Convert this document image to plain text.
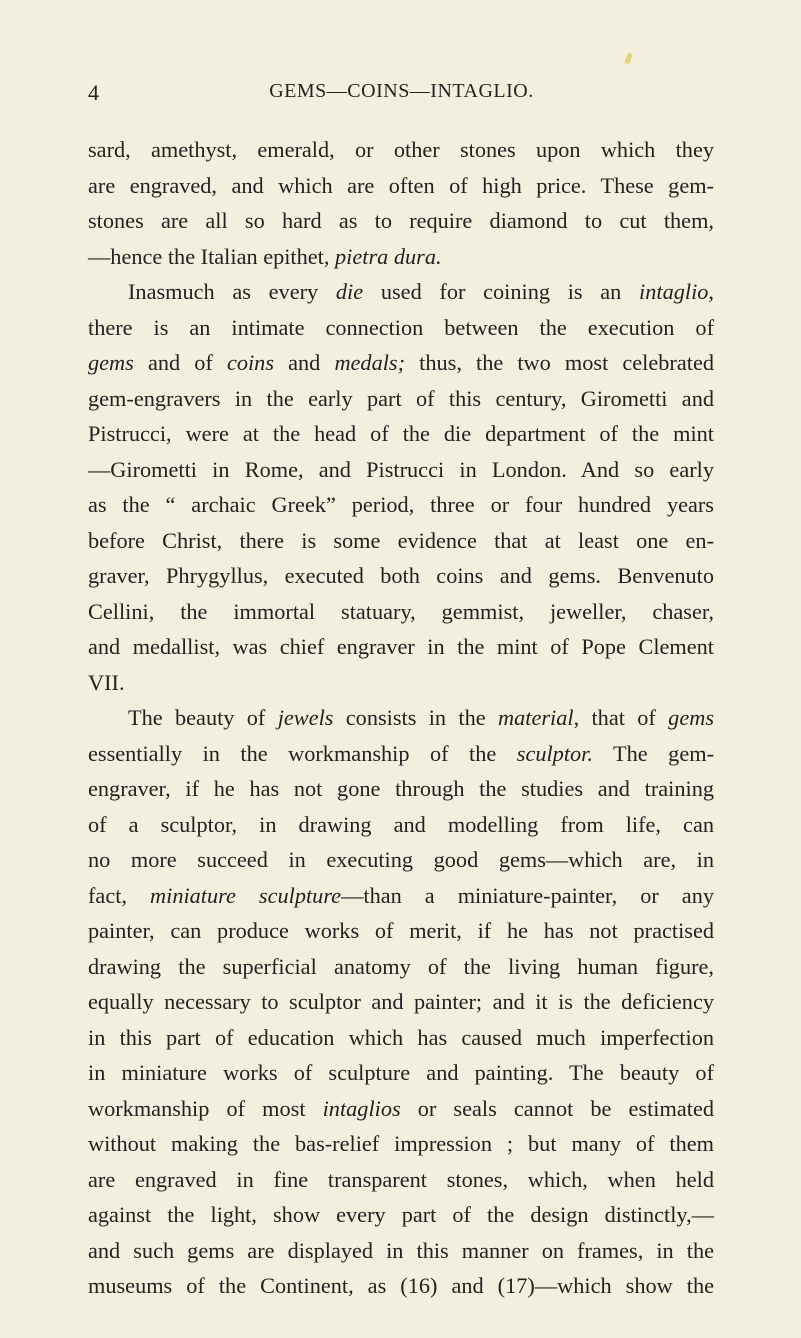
4	GEMS—COINS—INTAGLIO.

sard, amethyst, emerald, or other stones upon which they

are engraved, and which are often of high price. These gem-

stones are all so hard as to require diamond to cut them,

—hence the Italian epithet, pietra dura.

Inasmuch as every die used for coining is an intaglio,

there is an intimate connection between the execution of

gems and of coins and medals; thus, the two most celebrated

gem-engravers in the early part of this century, Girometti and

Pistrucci, were at the head of the die department of the mint

—Girometti in Rome, and Pistrucci in London. And so early

as the “ archaic Greek” period, three or four hundred years

before Christ, there is some evidence that at least one en-

graver, Phrygyllus, executed both coins and gems. Benvenuto

Cellini, the immortal statuary, gemmist, jeweller, chaser,

and medallist, was chief engraver in the mint of Pope Clement

VII.

The beauty of jewels consists in the material, that of gems

essentially in the workmanship of the sculptor. The gem-

engraver, if he has not gone through the studies and training

of a sculptor, in drawing and modelling from life, can

no more succeed in executing good gems—which are, in

fact, miniature sculpture—than a miniature-painter, or any

painter, can produce works of merit, if he has not practised

drawing the superficial anatomy of the living human figure,

equally necessary to sculptor and painter; and it is the deficiency

in this part of education which has caused much imperfection

in miniature works of sculpture and painting. The beauty of

workmanship of most intaglios or seals cannot be estimated

without making the bas-relief impression ; but many of them

are engraved in fine transparent stones, which, when held

against the light, show every part of the design distinctly,—

and such gems are displayed in this manner on frames, in the

museums of the Continent, as (16) and (17)—which show the
